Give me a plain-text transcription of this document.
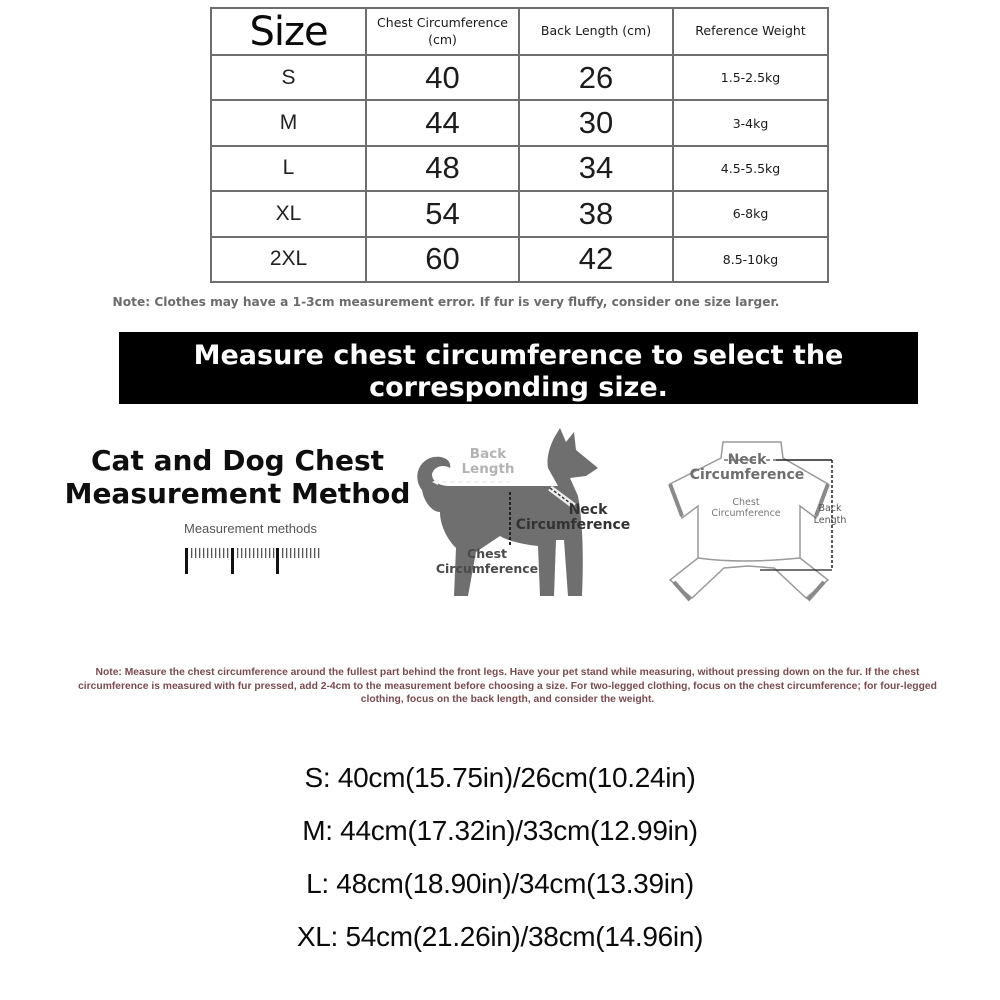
Size	Chest Circumference (cm)	Back Length (cm)	Reference Weight
S	40	26	1.5-2.5kg
M	44	30	3-4kg
L	48	34	4.5-5.5kg
XL	54	38	6-8kg
2XL	60	42	8.5-10kg
Note: Clothes may have a 1-3cm measurement error. If fur is very fluffy, consider one size larger.
Measure chest circumference to select the
corresponding size.
Cat and Dog Chest
Measurement Method
Measurement methods
Back
Length
Neck
Circumference
Chest
Circumference
Neck
Circumference
Chest
Circumference	Back
Length
Note: Measure the chest circumference around the fullest part behind the front legs. Have your pet stand while measuring, without pressing down on the fur. If the chest
circumference is measured with fur pressed, add 2-4cm to the measurement before choosing a size. For two-legged clothing, focus on the chest circumference; for four-legged
clothing, focus on the back length, and consider the weight.
S: 40cm(15.75in)/26cm(10.24in)
M: 44cm(17.32in)/33cm(12.99in)
L: 48cm(18.90in)/34cm(13.39in)
XL: 54cm(21.26in)/38cm(14.96in)
